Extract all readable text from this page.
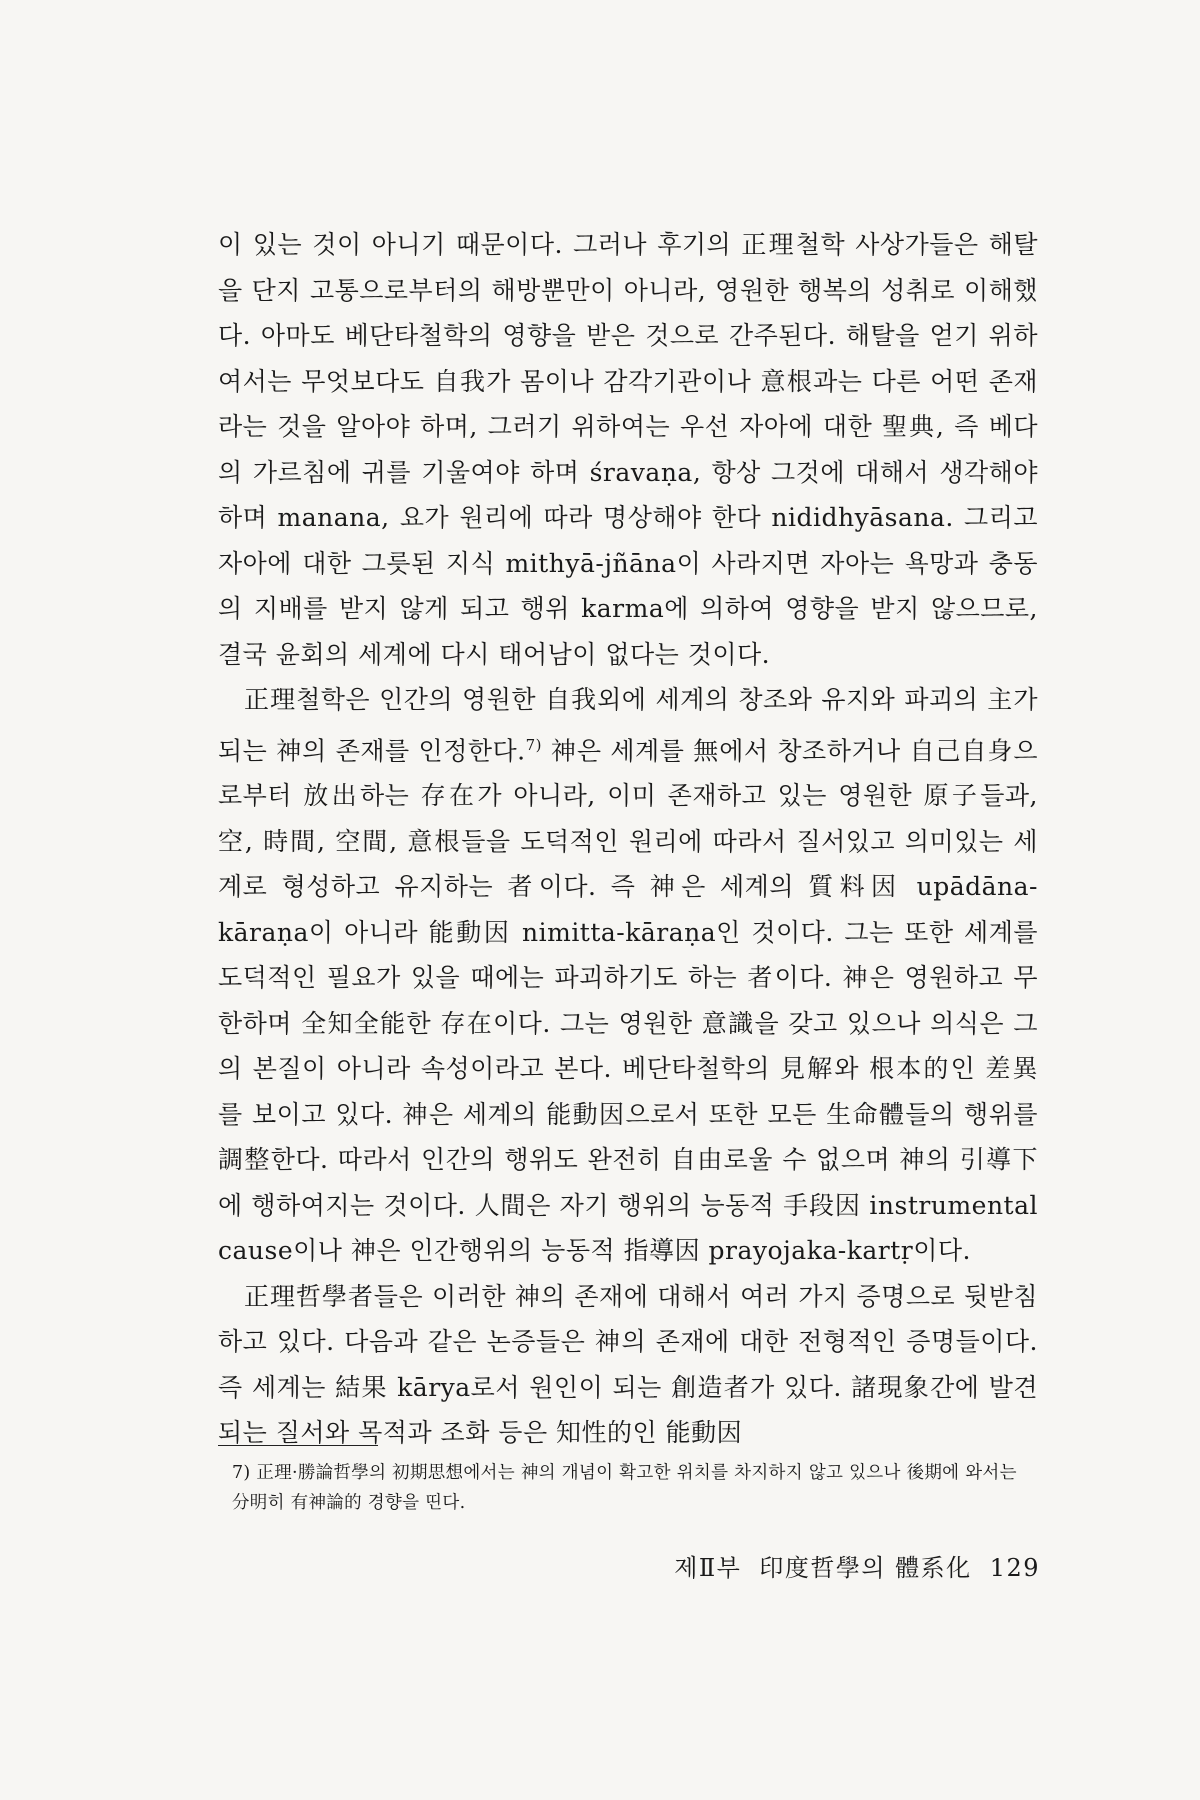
이 있는 것이 아니기 때문이다. 그러나 후기의 正理철학 사상가들은 해탈을 단지 고통으로부터의 해방뿐만이 아니라, 영원한 행복의 성취로 이해했다. 아마도 베단타철학의 영향을 받은 것으로 간주된다. 해탈을 얻기 위하여서는 무엇보다도 自我가 몸이나 감각기관이나 意根과는 다른 어떤 존재라는 것을 알아야 하며, 그러기 위하여는 우선 자아에 대한 聖典, 즉 베다의 가르침에 귀를 기울여야 하며 śravaṇa, 항상 그것에 대해서 생각해야 하며 manana, 요가 원리에 따라 명상해야 한다 nididhyāsana. 그리고 자아에 대한 그릇된 지식 mithyā-jñāna이 사라지면 자아는 욕망과 충동의 지배를 받지 않게 되고 행위 karma에 의하여 영향을 받지 않으므로, 결국 윤회의 세계에 다시 태어남이 없다는 것이다.

正理철학은 인간의 영원한 自我외에 세계의 창조와 유지와 파괴의 主가 되는 神의 존재를 인정한다.$^{7)}$ 神은 세계를 無에서 창조하거나 自己自身으로부터 放出하는 存在가 아니라, 이미 존재하고 있는 영원한 原子들과, 空, 時間, 空間, 意根들을 도덕적인 원리에 따라서 질서있고 의미있는 세계로 형성하고 유지하는 者이다. 즉 神은 세계의 質料因 upādāna-kāraṇa이 아니라 能動因 nimitta-kāraṇa인 것이다. 그는 또한 세계를 도덕적인 필요가 있을 때에는 파괴하기도 하는 者이다. 神은 영원하고 무한하며 全知全能한 存在이다. 그는 영원한 意識을 갖고 있으나 의식은 그의 본질이 아니라 속성이라고 본다. 베단타철학의 見解와 根本的인 差異를 보이고 있다. 神은 세계의 能動因으로서 또한 모든 生命體들의 행위를 調整한다. 따라서 인간의 행위도 완전히 自由로울 수 없으며 神의 引導下에 행하여지는 것이다. 人間은 자기 행위의 능동적 手段因 instrumental cause이나 神은 인간행위의 능동적 指導因 prayojaka-kartṛ이다.

正理哲學者들은 이러한 神의 존재에 대해서 여러 가지 증명으로 뒷받침하고 있다. 다음과 같은 논증들은 神의 존재에 대한 전형적인 증명들이다. 즉 세계는 結果 kārya로서 원인이 되는 創造者가 있다. 諸現象간에 발견되는 질서와 목적과 조화 등은 知性的인 能動因

7) 正理·勝論哲學의 初期思想에서는 神의 개념이 확고한 위치를 차지하지 않고 있으나 後期에 와서는 分明히 有神論的 경향을 띤다.
제Ⅱ부 印度哲學의 體系化 129
